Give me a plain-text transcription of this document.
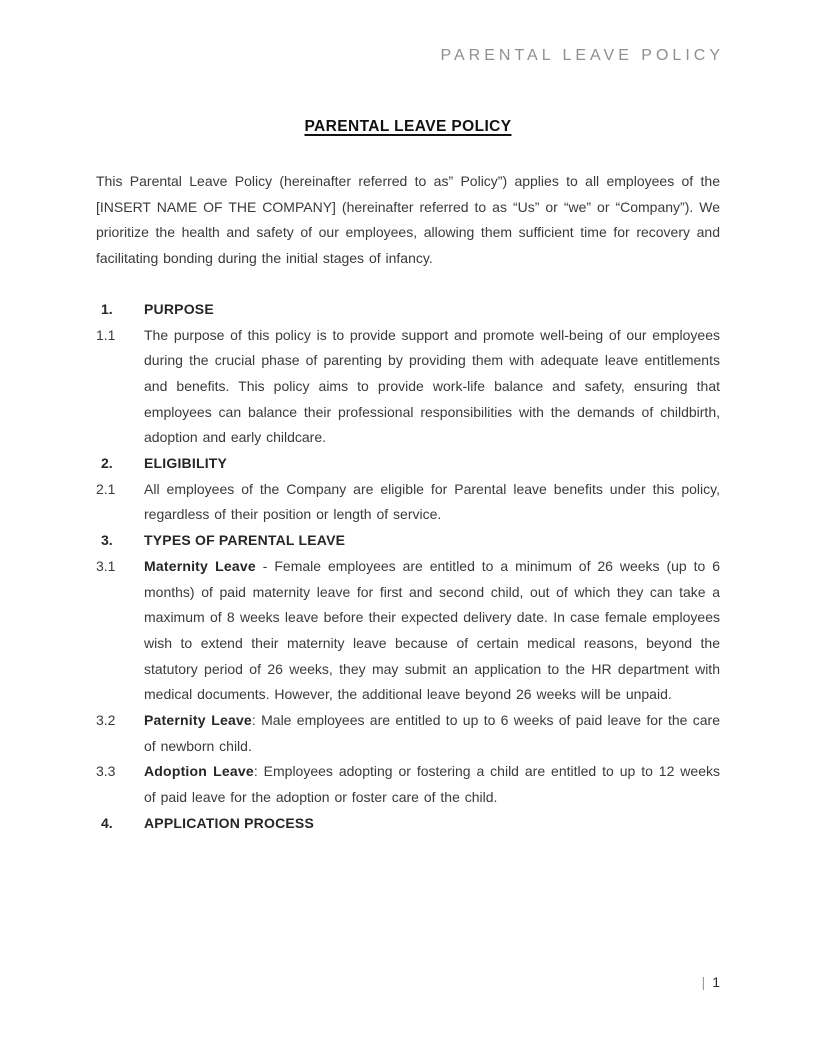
PARENTAL LEAVE POLICY
PARENTAL LEAVE POLICY

This Parental Leave Policy (hereinafter referred to as” Policy”) applies to all employees of the [INSERT NAME OF THE COMPANY] (hereinafter referred to as “Us” or “we” or “Company”). We prioritize the health and safety of our employees, allowing them sufficient time for recovery and facilitating bonding during the initial stages of infancy.

1.	PURPOSE
1.1	The purpose of this policy is to provide support and promote well-being of our employees during the crucial phase of parenting by providing them with adequate leave entitlements and benefits. This policy aims to provide work-life balance and safety, ensuring that employees can balance their professional responsibilities with the demands of childbirth, adoption and early childcare.
2.	ELIGIBILITY
2.1	All employees of the Company are eligible for Parental leave benefits under this policy, regardless of their position or length of service.
3.	TYPES OF PARENTAL LEAVE
3.1	Maternity Leave - Female employees are entitled to a minimum of 26 weeks (up to 6 months) of paid maternity leave for first and second child, out of which they can take a maximum of 8 weeks leave before their expected delivery date. In case female employees wish to extend their maternity leave because of certain medical reasons, beyond the statutory period of 26 weeks, they may submit an application to the HR department with medical documents. However, the additional leave beyond 26 weeks will be unpaid.
3.2	Paternity Leave: Male employees are entitled to up to 6 weeks of paid leave for the care of newborn child.
3.3	Adoption Leave: Employees adopting or fostering a child are entitled to up to 12 weeks of paid leave for the adoption or foster care of the child.
4.	APPLICATION PROCESS
| 1
